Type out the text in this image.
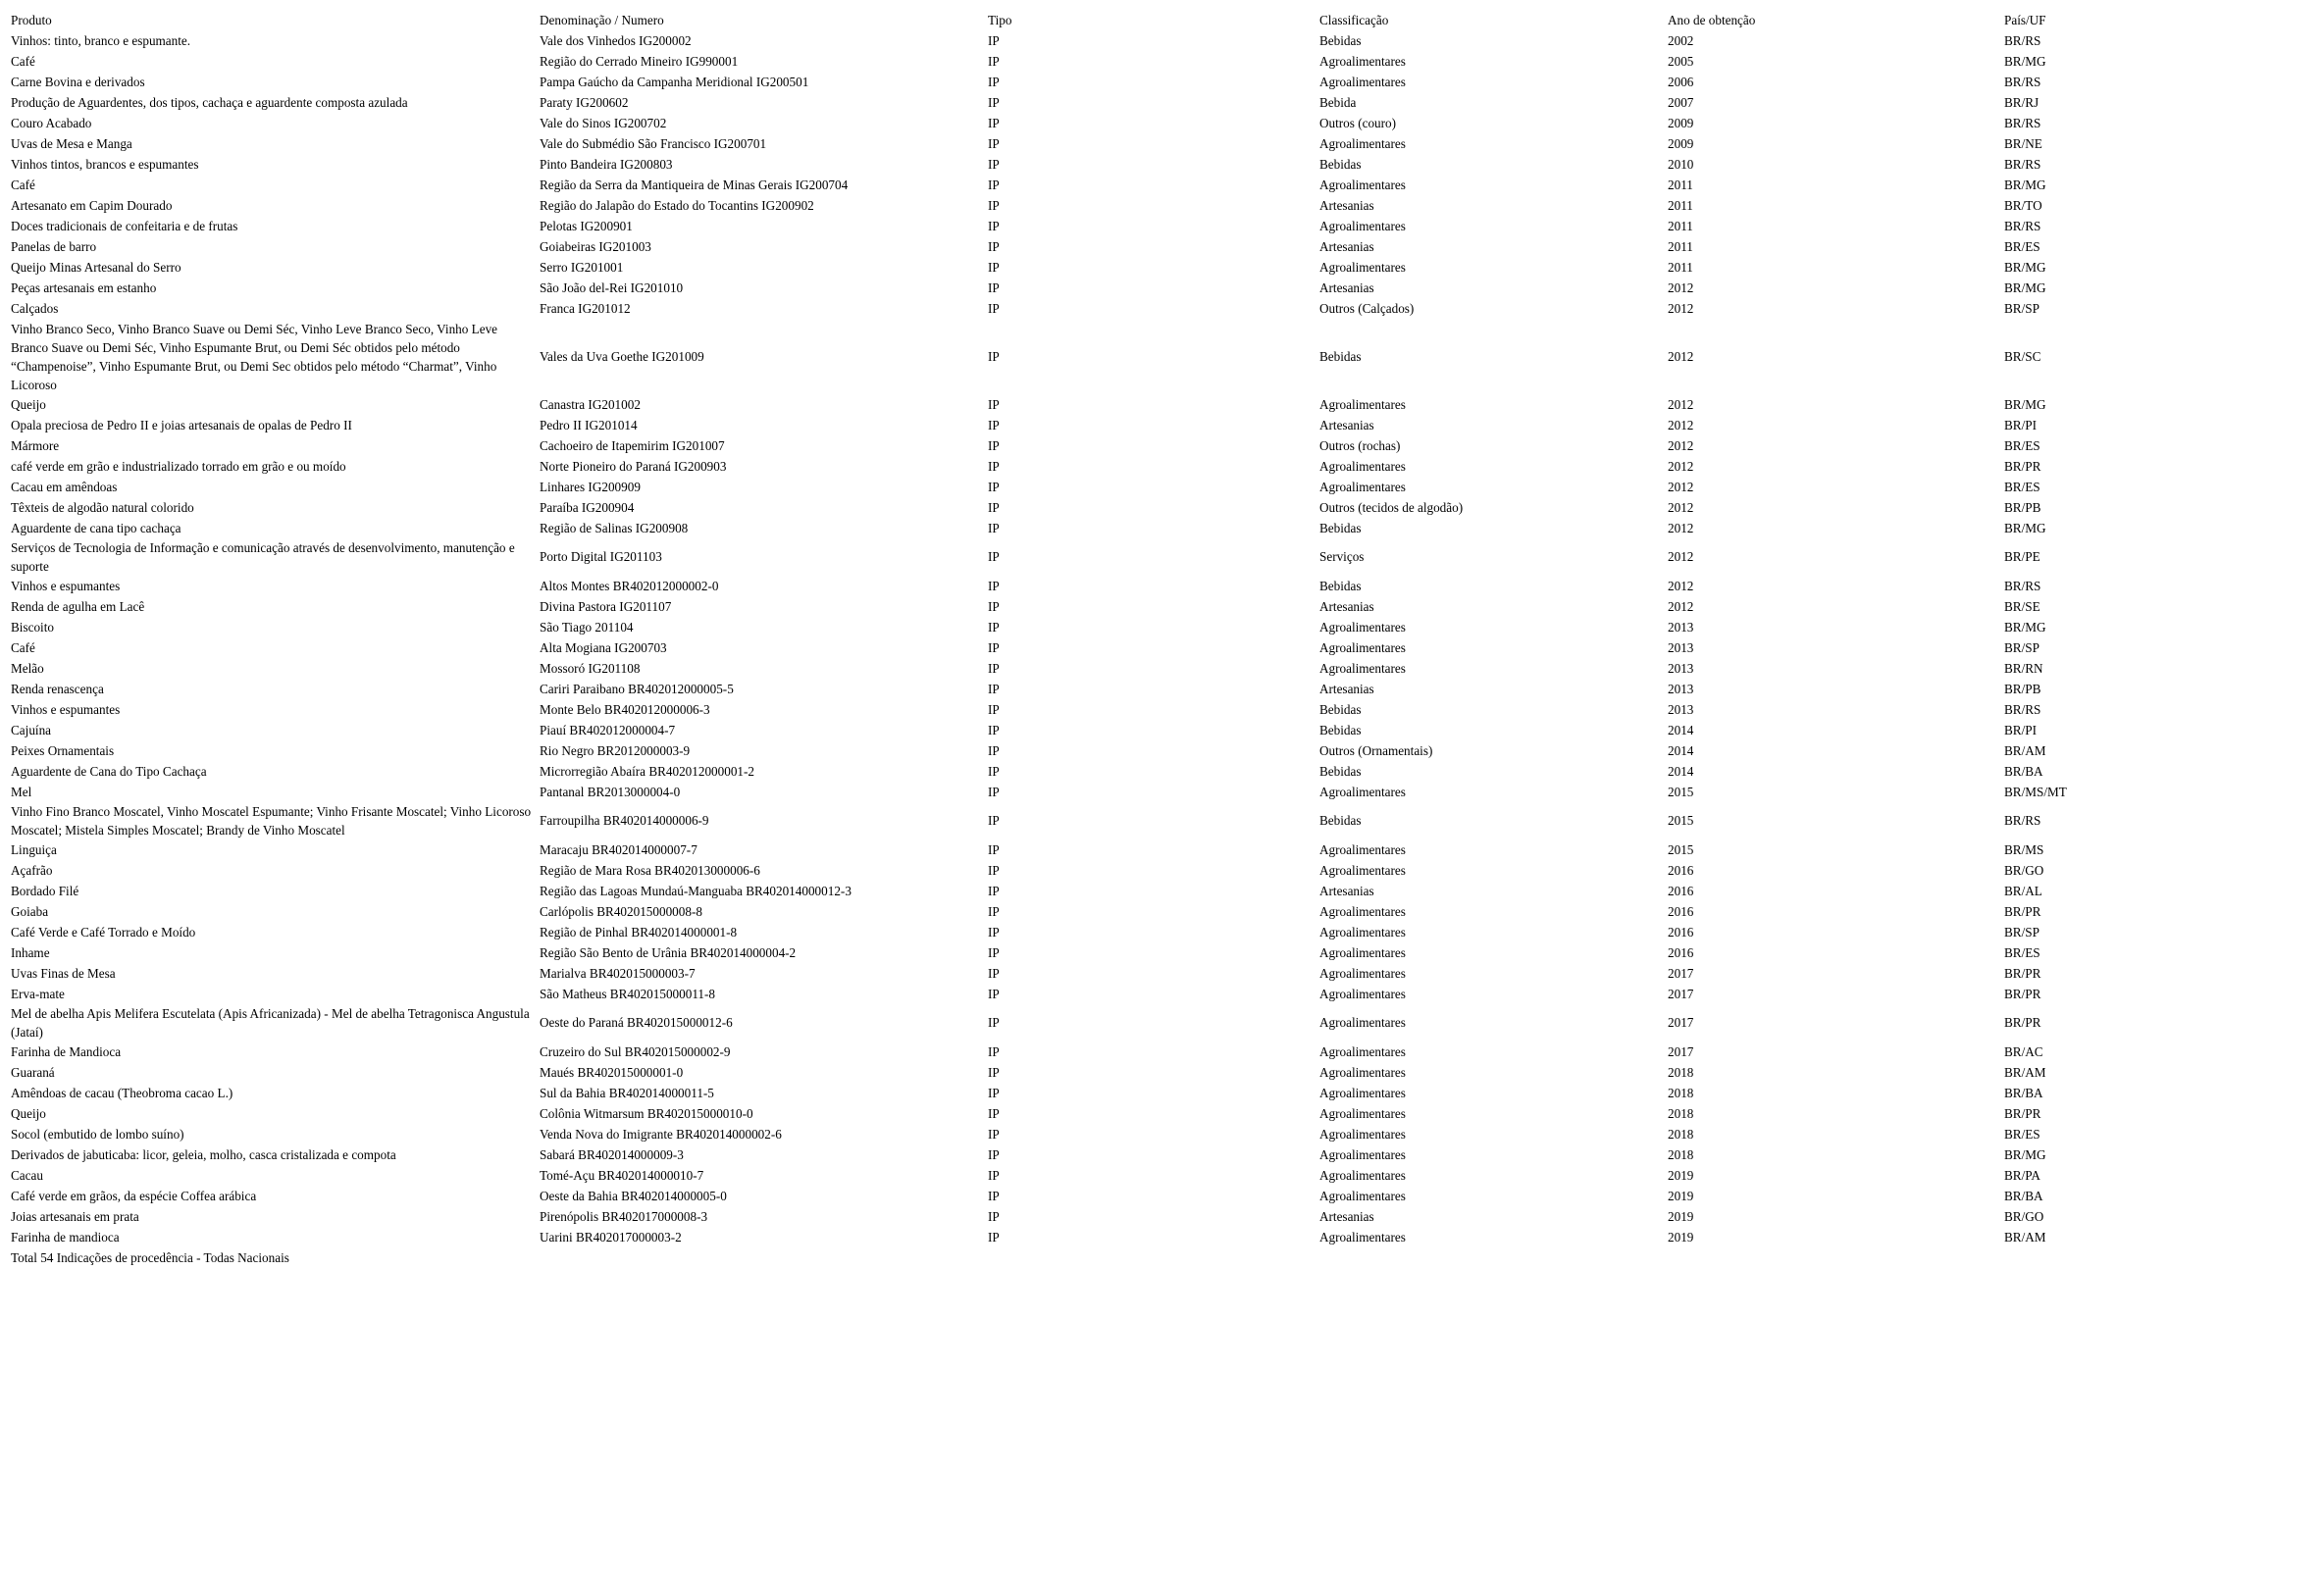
Produto	Denominação / Numero	Tipo	Classificação	Ano de obtenção	País/UF
Vinhos: tinto, branco e espumante.	Vale dos Vinhedos IG200002	IP	Bebidas	2002	BR/RS
Café	Região do Cerrado Mineiro IG990001	IP	Agroalimentares	2005	BR/MG
Carne Bovina e derivados	Pampa Gaúcho da Campanha Meridional IG200501	IP	Agroalimentares	2006	BR/RS
Produção de Aguardentes, dos tipos, cachaça e aguardente composta azulada	Paraty IG200602	IP	Bebida	2007	BR/RJ
Couro Acabado	Vale do Sinos IG200702	IP	Outros (couro)	2009	BR/RS
Uvas de Mesa e Manga	Vale do Submédio São Francisco IG200701	IP	Agroalimentares	2009	BR/NE
Vinhos tintos, brancos e espumantes	Pinto Bandeira IG200803	IP	Bebidas	2010	BR/RS
Café	Região da Serra da Mantiqueira de Minas Gerais IG200704	IP	Agroalimentares	2011	BR/MG
Artesanato em Capim Dourado	Região do Jalapão do Estado do Tocantins IG200902	IP	Artesanias	2011	BR/TO
Doces tradicionais de confeitaria e de frutas	Pelotas IG200901	IP	Agroalimentares	2011	BR/RS
Panelas de barro	Goiabeiras IG201003	IP	Artesanias	2011	BR/ES
Queijo Minas Artesanal do Serro	Serro IG201001	IP	Agroalimentares	2011	BR/MG
Peças artesanais em estanho	São João del-Rei IG201010	IP	Artesanias	2012	BR/MG
Calçados	Franca IG201012	IP	Outros (Calçados)	2012	BR/SP
Vinho Branco Seco, Vinho Branco Suave ou Demi Séc, Vinho Leve Branco Seco, Vinho Leve Branco Suave ou Demi Séc, Vinho Espumante Brut, ou Demi Séc obtidos pelo método “Champenoise”, Vinho Espumante Brut, ou Demi Sec obtidos pelo método “Charmat”, Vinho Licoroso	Vales da Uva Goethe IG201009	IP	Bebidas	2012	BR/SC
Queijo	Canastra IG201002	IP	Agroalimentares	2012	BR/MG
Opala preciosa de Pedro II e joias artesanais de opalas de Pedro II	Pedro II IG201014	IP	Artesanias	2012	BR/PI
Mármore	Cachoeiro de Itapemirim IG201007	IP	Outros (rochas)	2012	BR/ES
café verde em grão e industrializado torrado em grão e ou moído	Norte Pioneiro do Paraná IG200903	IP	Agroalimentares	2012	BR/PR
Cacau em amêndoas	Linhares IG200909	IP	Agroalimentares	2012	BR/ES
Têxteis de algodão natural colorido	Paraíba IG200904	IP	Outros (tecidos de algodão)	2012	BR/PB
Aguardente de cana tipo cachaça	Região de Salinas IG200908	IP	Bebidas	2012	BR/MG
Serviços de Tecnologia de Informação e comunicação através de desenvolvimento, manutenção e suporte	Porto Digital IG201103	IP	Serviços	2012	BR/PE
Vinhos e espumantes	Altos Montes BR402012000002-0	IP	Bebidas	2012	BR/RS
Renda de agulha em Lacê	Divina Pastora IG201107	IP	Artesanias	2012	BR/SE
Biscoito	São Tiago 201104	IP	Agroalimentares	2013	BR/MG
Café	Alta Mogiana IG200703	IP	Agroalimentares	2013	BR/SP
Melão	Mossoró IG201108	IP	Agroalimentares	2013	BR/RN
Renda renascença	Cariri Paraibano BR402012000005-5	IP	Artesanias	2013	BR/PB
Vinhos e espumantes	Monte Belo BR402012000006-3	IP	Bebidas	2013	BR/RS
Cajuína	Piauí BR402012000004-7	IP	Bebidas	2014	BR/PI
Peixes Ornamentais	Rio Negro BR2012000003-9	IP	Outros (Ornamentais)	2014	BR/AM
Aguardente de Cana do Tipo Cachaça	Microrregião Abaíra BR402012000001-2	IP	Bebidas	2014	BR/BA
Mel	Pantanal BR2013000004-0	IP	Agroalimentares	2015	BR/MS/MT
Vinho Fino Branco Moscatel, Vinho Moscatel Espumante; Vinho Frisante Moscatel; Vinho Licoroso Moscatel; Mistela Simples Moscatel; Brandy de Vinho Moscatel	Farroupilha BR402014000006-9	IP	Bebidas	2015	BR/RS
Linguiça	Maracaju BR402014000007-7	IP	Agroalimentares	2015	BR/MS
Açafrão	Região de Mara Rosa BR402013000006-6	IP	Agroalimentares	2016	BR/GO
Bordado Filé	Região das Lagoas Mundaú-Manguaba BR402014000012-3	IP	Artesanias	2016	BR/AL
Goiaba	Carlópolis BR402015000008-8	IP	Agroalimentares	2016	BR/PR
Café Verde e Café Torrado e Moído	Região de Pinhal BR402014000001-8	IP	Agroalimentares	2016	BR/SP
Inhame	Região São Bento de Urânia BR402014000004-2	IP	Agroalimentares	2016	BR/ES
Uvas Finas de Mesa	Marialva BR402015000003-7	IP	Agroalimentares	2017	BR/PR
Erva-mate	São Matheus BR402015000011-8	IP	Agroalimentares	2017	BR/PR
Mel de abelha Apis Melifera Escutelata (Apis Africanizada) - Mel de abelha Tetragonisca Angustula (Jataí)	Oeste do Paraná BR402015000012-6	IP	Agroalimentares	2017	BR/PR
Farinha de Mandioca	Cruzeiro do Sul BR402015000002-9	IP	Agroalimentares	2017	BR/AC
Guaraná	Maués BR402015000001-0	IP	Agroalimentares	2018	BR/AM
Amêndoas de cacau (Theobroma cacao L.)	Sul da Bahia BR402014000011-5	IP	Agroalimentares	2018	BR/BA
Queijo	Colônia Witmarsum BR402015000010-0	IP	Agroalimentares	2018	BR/PR
Socol (embutido de lombo suíno)	Venda Nova do Imigrante BR402014000002-6	IP	Agroalimentares	2018	BR/ES
Derivados de jabuticaba: licor, geleia, molho, casca cristalizada e compota	Sabará BR402014000009-3	IP	Agroalimentares	2018	BR/MG
Cacau	Tomé-Açu BR402014000010-7	IP	Agroalimentares	2019	BR/PA
Café verde em grãos, da espécie Coffea arábica	Oeste da Bahia BR402014000005-0	IP	Agroalimentares	2019	BR/BA
Joias artesanais em prata	Pirenópolis BR402017000008-3	IP	Artesanias	2019	BR/GO
Farinha de mandioca	Uarini BR402017000003-2	IP	Agroalimentares	2019	BR/AM
Total 54 Indicações de procedência - Todas Nacionais					
